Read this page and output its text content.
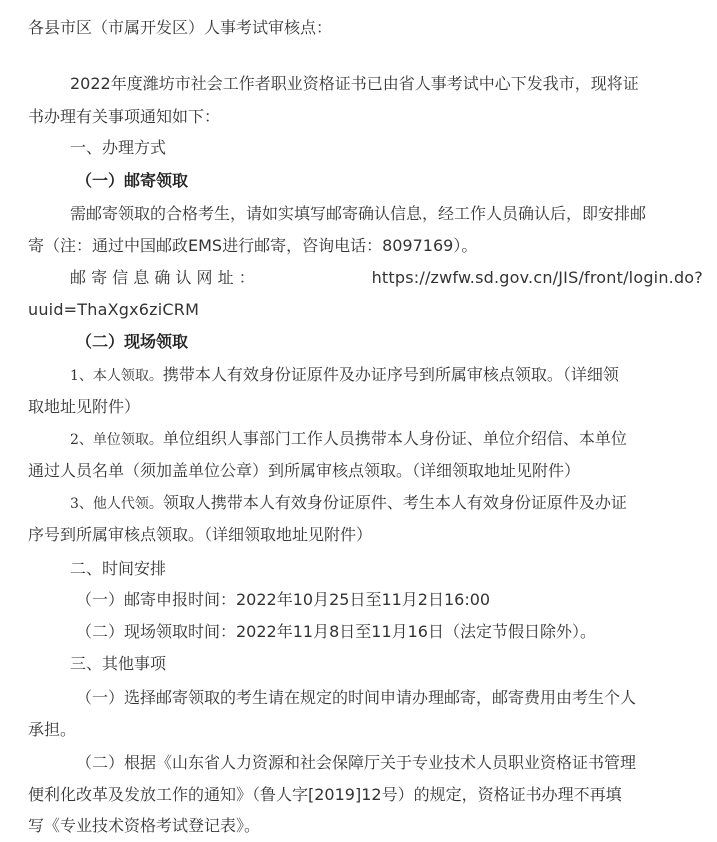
各县市区（市属开发区）人事考试审核点：
2022年度潍坊市社会工作者职业资格证书已由省人事考试中心下发我市，现将证
书办理有关事项通知如下：
一、办理方式
（一）邮寄领取
需邮寄领取的合格考生，请如实填写邮寄确认信息，经工作人员确认后，即安排邮
寄（注：通过中国邮政EMS进行邮寄，咨询电话：8097169）。
邮 寄 信 息 确 认 网 址 ：	https://zwfw.sd.gov.cn/JIS/front/login.do?
uuid=ThaXgx6ziCRM
（二）现场领取
1、本人领取。携带本人有效身份证原件及办证序号到所属审核点领取。（详细领
取地址见附件）
2、单位领取。单位组织人事部门工作人员携带本人身份证、单位介绍信、本单位
通过人员名单（须加盖单位公章）到所属审核点领取。（详细领取地址见附件）
3、他人代领。领取人携带本人有效身份证原件、考生本人有效身份证原件及办证
序号到所属审核点领取。（详细领取地址见附件）
二、时间安排
（一）邮寄申报时间：2022年10月25日至11月2日16:00
（二）现场领取时间：2022年11月8日至11月16日（法定节假日除外）。
三、其他事项
（一）选择邮寄领取的考生请在规定的时间申请办理邮寄，邮寄费用由考生个人
承担。
（二）根据《山东省人力资源和社会保障厅关于专业技术人员职业资格证书管理
便利化改革及发放工作的通知》（鲁人字[2019]12号）的规定，资格证书办理不再填
写《专业技术资格考试登记表》。
